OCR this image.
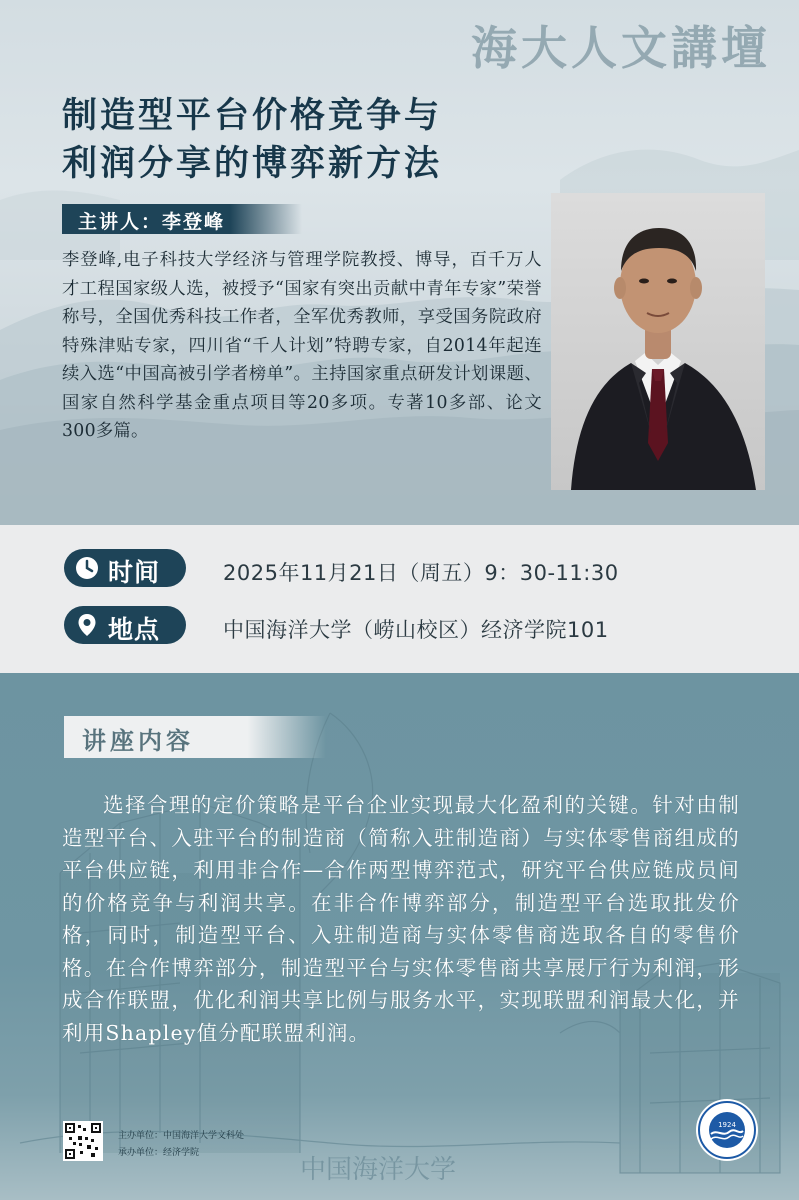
海大人文講壇
制造型平台价格竞争与
利润分享的博弈新方法
主讲人：李登峰
李登峰,电子科技大学经济与管理学院教授、博导，百千万人才工程国家级人选，被授予“国家有突出贡献中青年专家”荣誉称号，全国优秀科技工作者，全军优秀教师，享受国务院政府特殊津贴专家，四川省“千人计划”特聘专家，自2014年起连续入选“中国高被引学者榜单”。主持国家重点研发计划课题、国家自然科学基金重点项目等20多项。专著10多部、论文300多篇。
时间	2025年11月21日（周五）9：30-11:30
地点	中国海洋大学（崂山校区）经济学院101
中国海洋大学
讲座内容
选择合理的定价策略是平台企业实现最大化盈利的关键。针对由制造型平台、入驻平台的制造商（简称入驻制造商）与实体零售商组成的平台供应链，利用非合作—合作两型博弈范式，研究平台供应链成员间的价格竞争与利润共享。在非合作博弈部分，制造型平台选取批发价格，同时，制造型平台、入驻制造商与实体零售商选取各自的零售价格。在合作博弈部分，制造型平台与实体零售商共享展厅行为利润，形成合作联盟，优化利润共享比例与服务水平，实现联盟利润最大化，并利用Shapley值分配联盟利润。
主办单位：中国海洋大学文科处
承办单位：经济学院
1924
